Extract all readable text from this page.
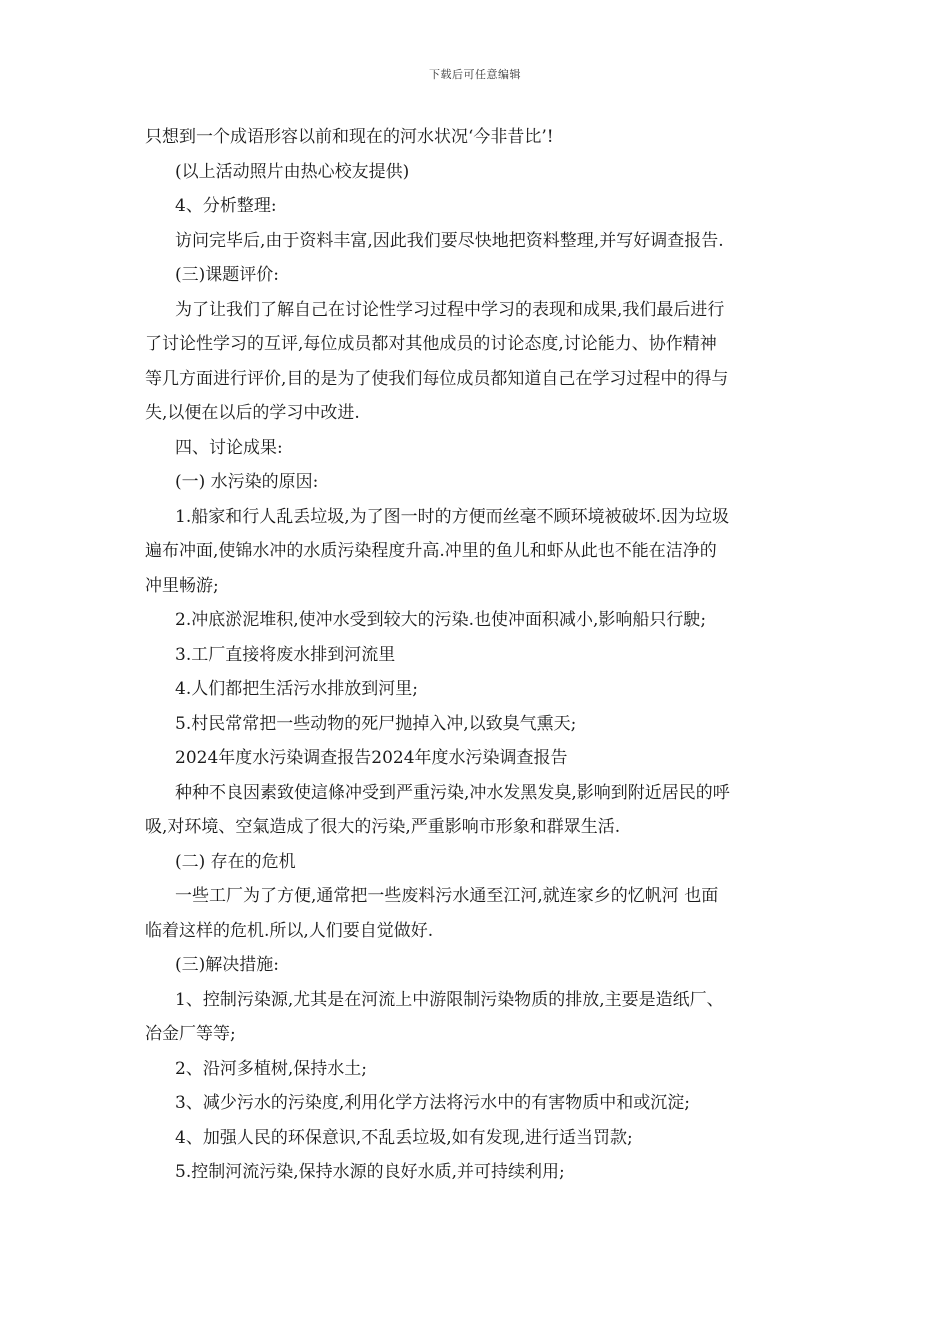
下载后可任意编辑
只想到一个成语形容以前和现在的河水状况‘今非昔比’!
(以上活动照片由热心校友提供)
4、分析整理:
访问完毕后,由于资料丰富,因此我们要尽快地把资料整理,并写好调查报告.
(三)课题评价:
为了让我们了解自己在讨论性学习过程中学习的表现和成果,我们最后进行
了讨论性学习的互评,每位成员都对其他成员的讨论态度,讨论能力、协作精神
等几方面进行评价,目的是为了使我们每位成员都知道自己在学习过程中的得与
失,以便在以后的学习中改进.
四、讨论成果:
(一) 水污染的原因:
1.船家和行人乱丢垃圾,为了图一时的方便而丝毫不顾环境被破坏.因为垃圾
遍布冲面,使锦水冲的水质污染程度升高.冲里的鱼儿和虾从此也不能在洁净的
冲里畅游;
2.冲底淤泥堆积,使冲水受到较大的污染.也使冲面积减小,影响船只行駛;
3.工厂直接将废水排到河流里
4.人们都把生活污水排放到河里;
5.村民常常把一些动物的死尸抛掉入冲,以致臭气熏天;
2024年度水污染调查报告2024年度水污染调查报告
种种不良因素致使這條冲受到严重污染,冲水发黑发臭,影响到附近居民的呼
吸,对环境、空氣造成了很大的污染,严重影响市形象和群眾生活.
(二) 存在的危机
一些工厂为了方便,通常把一些废料污水通至江河,就连家乡的忆帆河 也面
临着这样的危机.所以,人们要自觉做好.
(三)解决措施:
1、控制污染源,尤其是在河流上中游限制污染物质的排放,主要是造纸厂、
冶金厂等等;
2、沿河多植树,保持水土;
3、减少污水的污染度,利用化学方法将污水中的有害物质中和或沉淀;
4、加强人民的环保意识,不乱丢垃圾,如有发现,进行适当罚款;
5.控制河流污染,保持水源的良好水质,并可持续利用;
